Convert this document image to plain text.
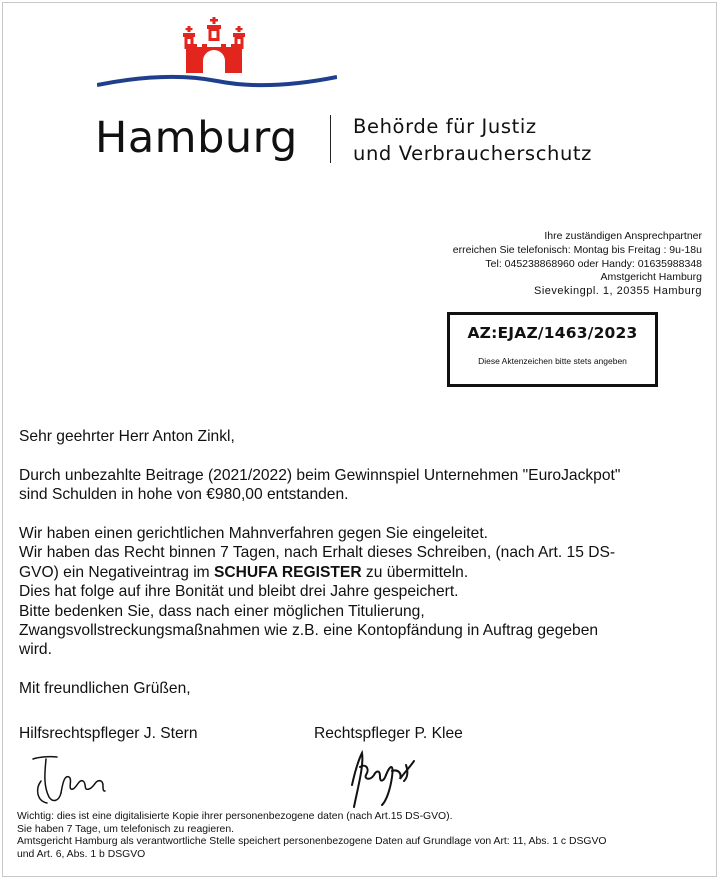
Hamburg	Behörde für Justiz
und Verbraucherschutz
Ihre zuständigen Ansprechpartner
erreichen Sie telefonisch: Montag bis Freitag : 9u-18u
Tel: 045238868960 oder Handy: 01635988348
Amstgericht Hamburg
Sievekingpl. 1, 20355 Hamburg
AZ:EJAZ/1463/2023
Diese Aktenzeichen bitte stets angeben

Sehr geehrter Herr Anton Zinkl,

Durch unbezahlte Beitrage (2021/2022) beim Gewinnspiel Unternehmen "EuroJackpot"

sind Schulden in hohe von €980,00 entstanden.

Wir haben einen gerichtlichen Mahnverfahren gegen Sie eingeleitet.

Wir haben das Recht binnen 7 Tagen, nach Erhalt dieses Schreiben, (nach Art. 15 DS-

GVO) ein Negativeintrag im SCHUFA REGISTER zu übermitteln.

Dies hat folge auf ihre Bonität und bleibt drei Jahre gespeichert.

Bitte bedenken Sie, dass nach einer möglichen Titulierung,

Zwangsvollstreckungsmaßnahmen wie z.B. eine Kontopfändung in Auftrag gegeben

wird.

Mit freundlichen Grüßen,

Hilfsrechtspfleger J. Stern	Rechtspfleger P. Klee
Wichtig: dies ist eine digitalisierte Kopie ihrer personenbezogene daten (nach Art.15 DS-GVO).
Sie haben 7 Tage, um telefonisch zu reagieren.
Amtsgericht Hamburg als verantwortliche Stelle speichert personenbezogene Daten auf Grundlage von Art: 11, Abs. 1 c DSGVO
und Art. 6, Abs. 1 b DSGVO
